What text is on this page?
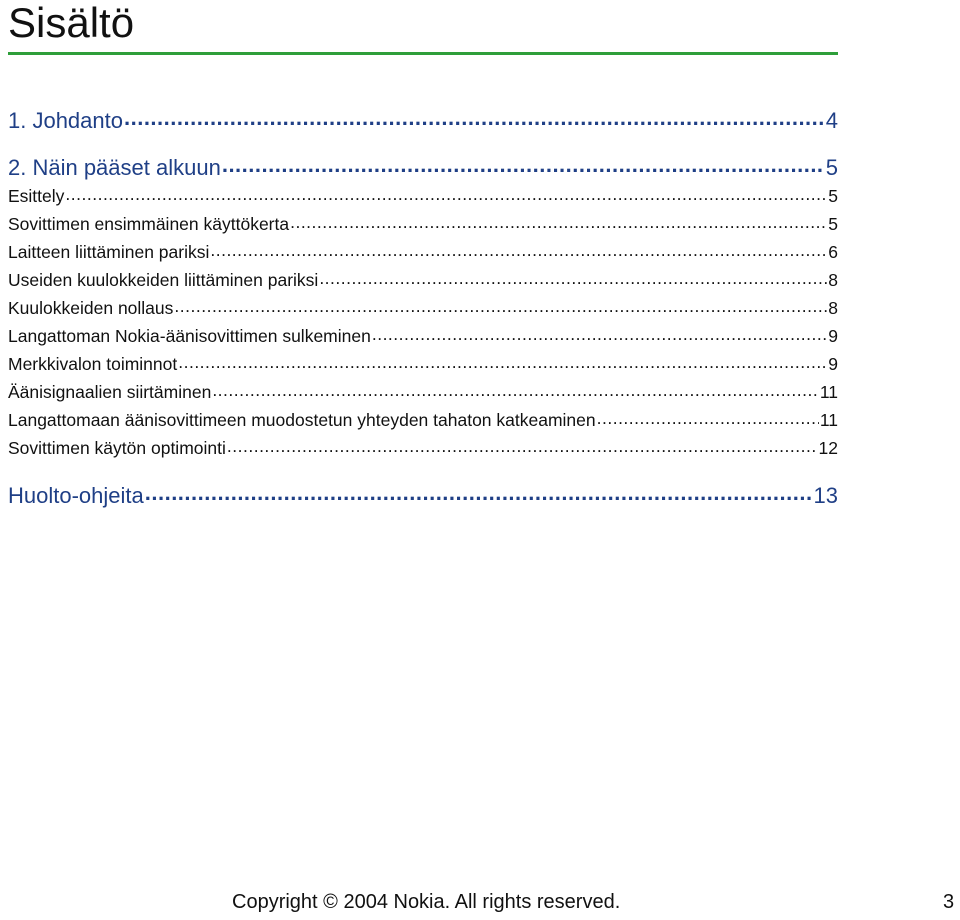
Sisältö
1. Johdanto .....	4
2. Näin pääset alkuun .....	5
Esittely .....	5
Sovittimen ensimmäinen käyttökerta .....	5
Laitteen liittäminen pariksi .....	6
Useiden kuulokkeiden liittäminen pariksi .....	8
Kuulokkeiden nollaus .....	8
Langattoman Nokia-äänisovittimen sulkeminen .....	9
Merkkivalon toiminnot .....	9
Äänisignaalien siirtäminen .....	11
Langattomaan äänisovittimeen muodostetun yhteyden tahaton katkeaminen .....	11
Sovittimen käytön optimointi .....	12
Huolto-ohjeita .....	13
Copyright © 2004 Nokia. All rights reserved.	3
